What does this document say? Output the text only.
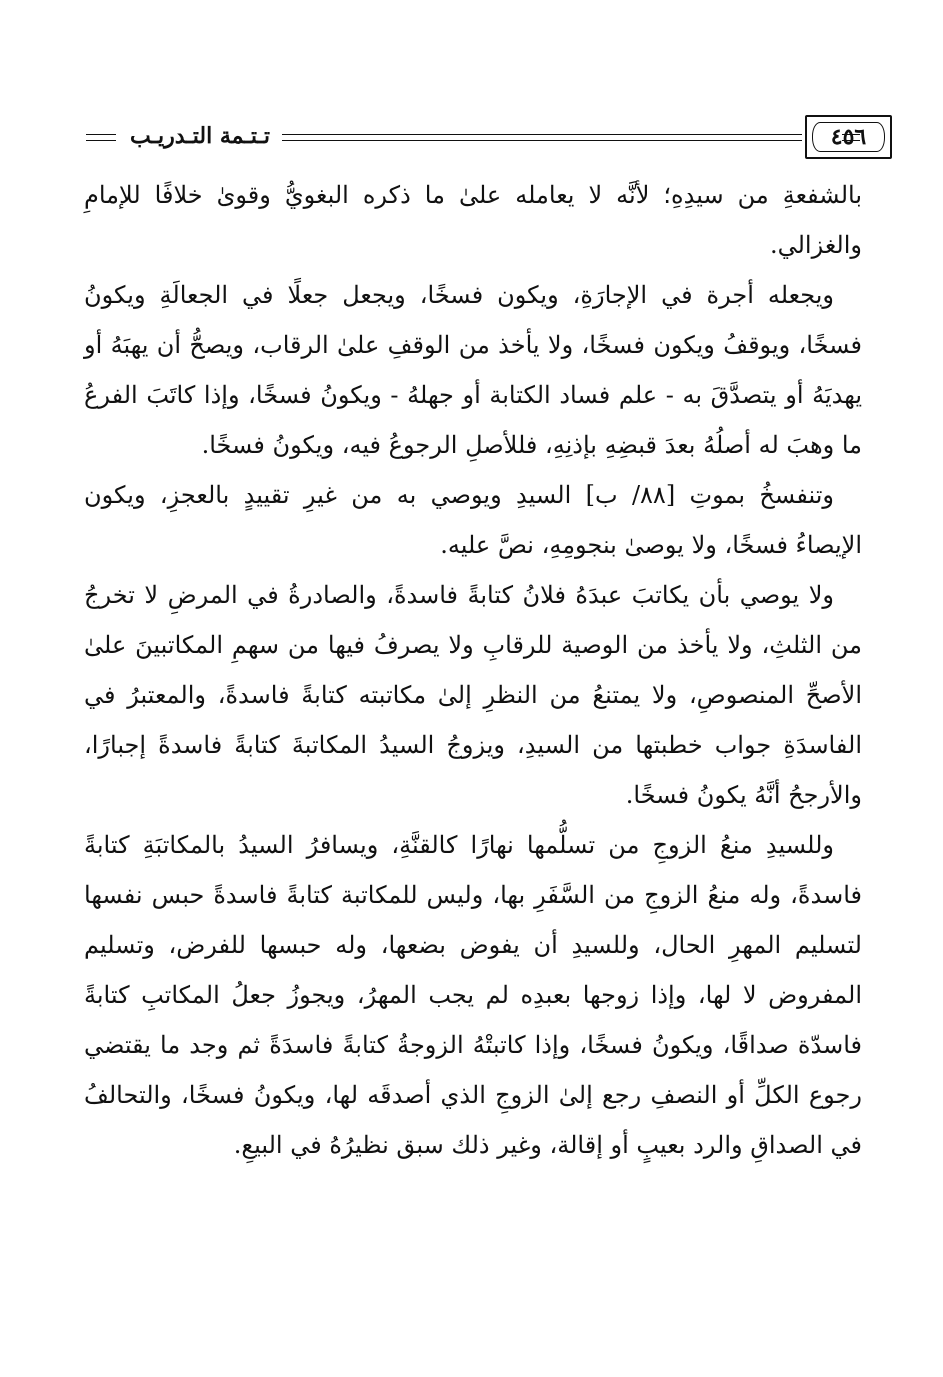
تـتـمة التـدريـب	٤٥٦

بالشفعةِ من سيدِهِ؛ لأنَّه لا يعامله علىٰ ما ذكره البغويُّ وقوىٰ خلافًا للإمامِ والغزالي.

ويجعله أجرة في الإجارَةِ، ويكون فسخًا، ويجعل جعلًا في الجعالَةِ ويكونُ فسخًا، ويوقفُ ويكون فسخًا، ولا يأخذ من الوقفِ علىٰ الرقاب، ويصحُّ أن يهبَهُ أو يهديَهُ أو يتصدَّقَ به - علم فساد الكتابة أو جهلهُ - ويكونُ فسخًا، وإذا كاتَبَ الفرعُ ما وهبَ له أصلُهُ بعدَ قبضِهِ بإذنِهِ، فللأصلِ الرجوعُ فيه، ويكونُ فسخًا.

وتنفسخُ بموتِ [٨٨/ ب] السيدِ ويوصي به من غيرِ تقييدٍ بالعجزِ، ويكون الإيصاءُ فسخًا، ولا يوصىٰ بنجومِهِ، نصَّ عليه.

ولا يوصي بأن يكاتبَ عبدَهُ فلانُ كتابةً فاسدةً، والصادرةُ في المرضِ لا تخرجُ من الثلثِ، ولا يأخذ من الوصية للرقابِ ولا يصرفُ فيها من سهمِ المكاتبينَ علىٰ الأصحِّ المنصوصِ، ولا يمتنعُ من النظرِ إلىٰ مكاتبته كتابةً فاسدةً، والمعتبرُ في الفاسدَةِ جواب خطبتها من السيدِ، ويزوجُ السيدُ المكاتبةَ كتابةً فاسدةً إجبارًا، والأرجحُ أنَّهُ يكونُ فسخًا.

وللسيدِ منعُ الزوجِ من تسلُّمها نهارًا كالقنَّةِ، ويسافرُ السيدُ بالمكاتبَةِ كتابةً فاسدةً، وله منعُ الزوجِ من السَّفَرِ بها، وليس للمكاتبة كتابةً فاسدةً حبس نفسها لتسليم المهرِ الحال، وللسيدِ أن يفوض بضعها، وله حبسها للفرض، وتسليم المفروض لا لها، وإذا زوجها بعبدِه لم يجب المهرُ، ويجوزُ جعلُ المكاتبِ كتابةً فاسدّة صداقًا، ويكونُ فسخًا، وإذا كاتبتْهُ الزوجةُ كتابةً فاسدَةً ثم وجد ما يقتضي رجوع الكلِّ أو النصفِ رجع إلىٰ الزوجِ الذي أصدقَه لها، ويكونُ فسخًا، والتحالفُ في الصداقِ والرد بعيبٍ أو إقالة، وغير ذلك سبق نظيرُهُ في البيعِ.
